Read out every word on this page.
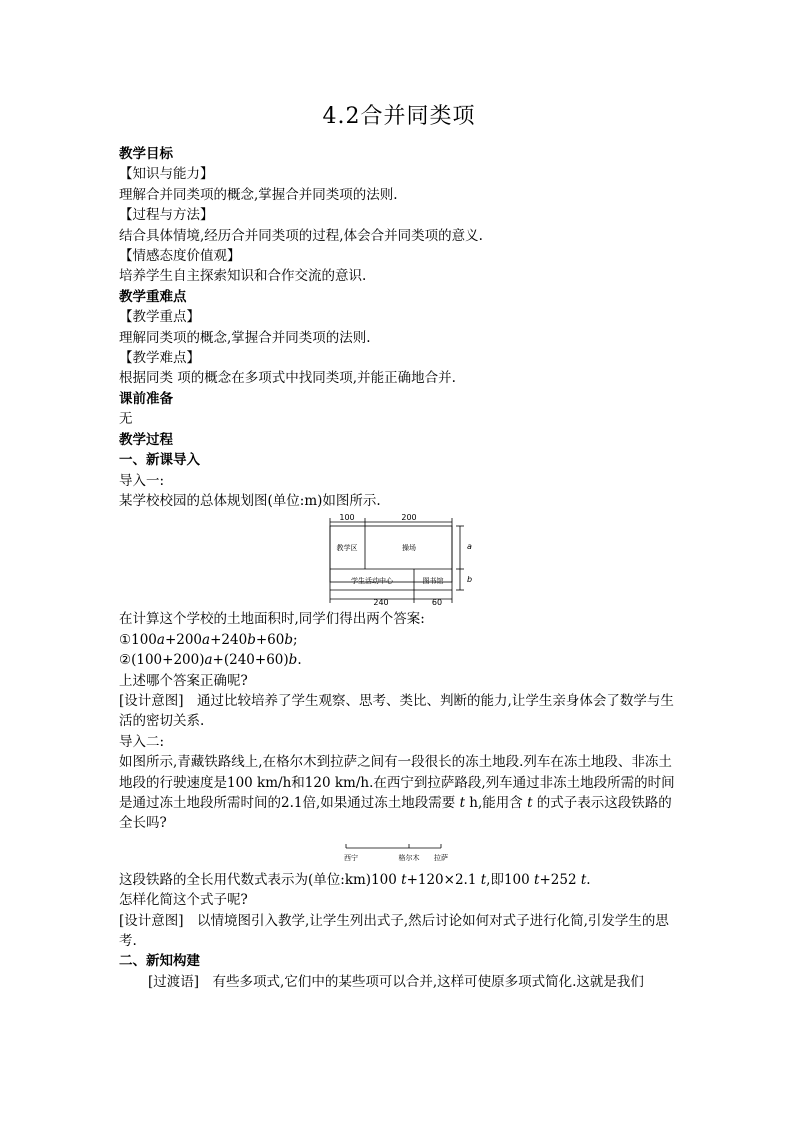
4.2合并同类项
教学目标
【知识与能力】
理解合并同类项的概念,掌握合并同类项的法则.
【过程与方法】
结合具体情境,经历合并同类项的过程,体会合并同类项的意义.
【情感态度价值观】
培养学生自主探索知识和合作交流的意识.
教学重难点
【教学重点】
理解同类项的概念,掌握合并同类项的法则.
【教学难点】
根据同类 项的概念在多项式中找同类项,并能正确地合并.
课前准备
无
教学过程
一、新课导入
导入一:
某学校校园的总体规划图(单位:m)如图所示.
100	200
教学区	操场
学生活动中心	图书馆
240	60
a
b
在计算这个学校的土地面积时,同学们得出两个答案:
①100a+200a+240b+60b;
②(100+200)a+(240+60)b.
上述哪个答案正确呢?
[设计意图]　通过比较培养了学生观察、思考、类比、判断的能力,让学生亲身体会了数学与生活的密切关系.
导入二:
如图所示,青藏铁路线上,在格尔木到拉萨之间有一段很长的冻土地段.列车在冻土地段、非冻土地段的行驶速度是100 km/h和120 km/h.在西宁到拉萨路段,列车通过非冻土地段所需的时间是通过冻土地段所需时间的2.1倍,如果通过冻土地段需要 t h,能用含 t 的式子表示这段铁路的全长吗?
西宁	格尔木 拉萨
这段铁路的全长用代数式表示为(单位:km)100 t+120×2.1 t,即100 t+252 t.
怎样化简这个式子呢?
[设计意图]　以情境图引入教学,让学生列出式子,然后讨论如何对式子进行化简,引发学生的思考.
二、新知构建
[过渡语]　有些多项式,它们中的某些项可以合并,这样可使原多项式简化.这就是我们
